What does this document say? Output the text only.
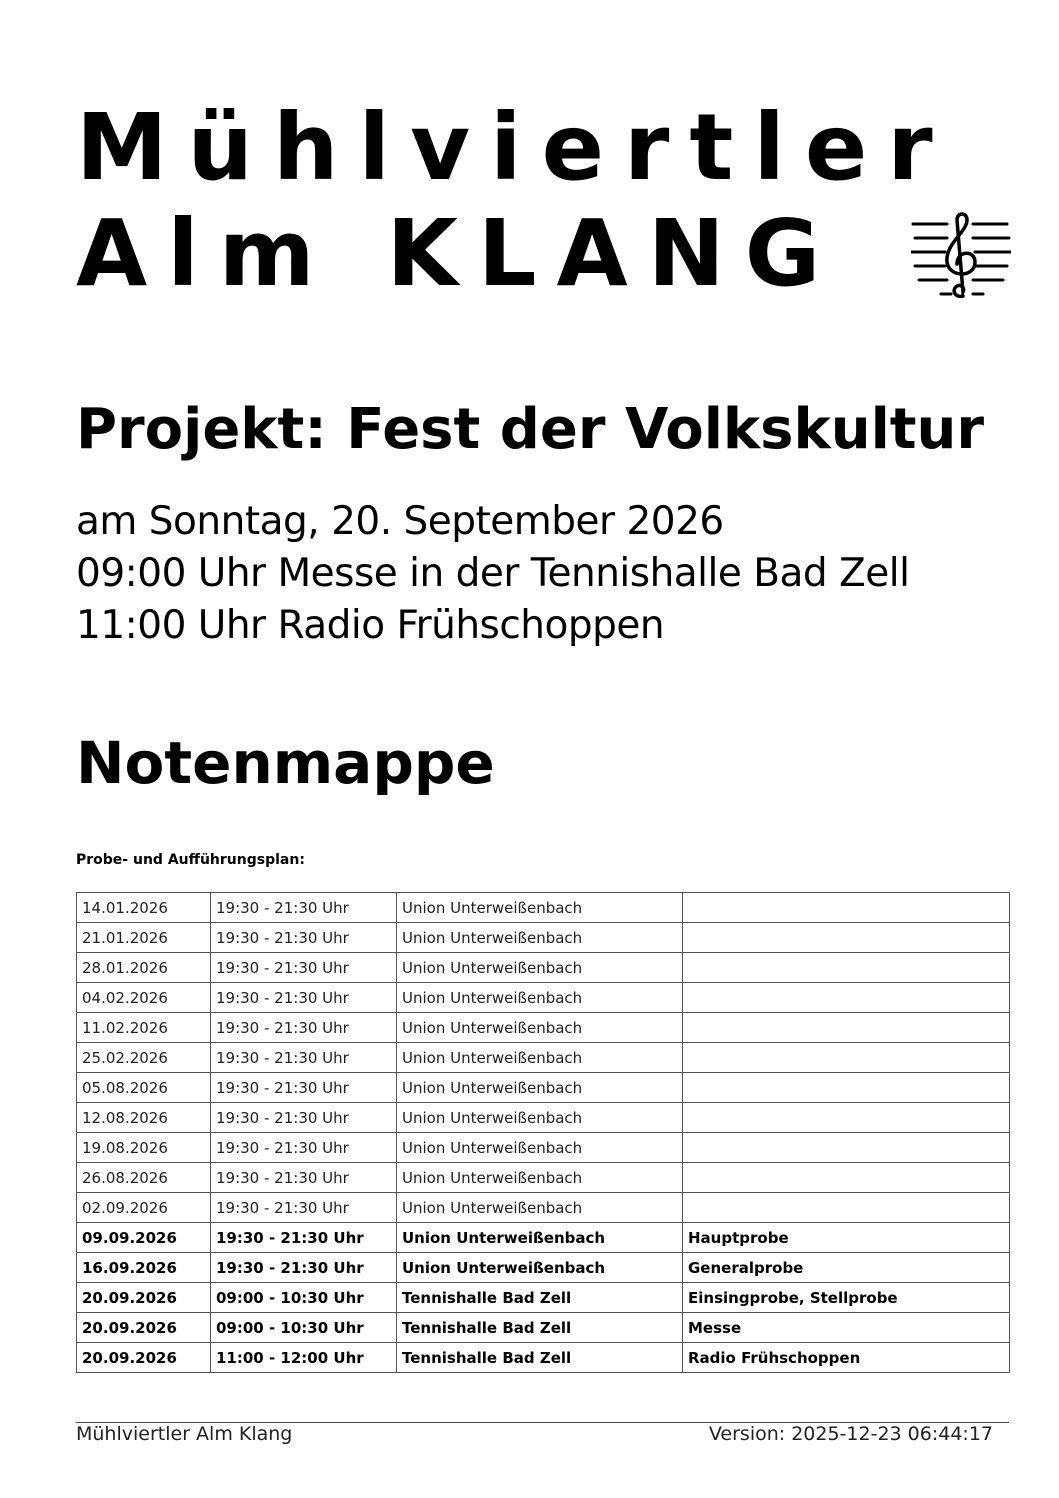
Mühlviertler
Alm KLANG
Projekt: Fest der Volkskultur
am Sonntag, 20. September 2026
09:00 Uhr Messe in der Tennishalle Bad Zell
11:00 Uhr Radio Frühschoppen
Notenmappe
Probe- und Aufführungsplan:
14.01.2026	19:30 - 21:30 Uhr	Union Unterweißenbach	
21.01.2026	19:30 - 21:30 Uhr	Union Unterweißenbach	
28.01.2026	19:30 - 21:30 Uhr	Union Unterweißenbach	
04.02.2026	19:30 - 21:30 Uhr	Union Unterweißenbach	
11.02.2026	19:30 - 21:30 Uhr	Union Unterweißenbach	
25.02.2026	19:30 - 21:30 Uhr	Union Unterweißenbach	
05.08.2026	19:30 - 21:30 Uhr	Union Unterweißenbach	
12.08.2026	19:30 - 21:30 Uhr	Union Unterweißenbach	
19.08.2026	19:30 - 21:30 Uhr	Union Unterweißenbach	
26.08.2026	19:30 - 21:30 Uhr	Union Unterweißenbach	
02.09.2026	19:30 - 21:30 Uhr	Union Unterweißenbach	
09.09.2026	19:30 - 21:30 Uhr	Union Unterweißenbach	Hauptprobe
16.09.2026	19:30 - 21:30 Uhr	Union Unterweißenbach	Generalprobe
20.09.2026	09:00 - 10:30 Uhr	Tennishalle Bad Zell	Einsingprobe, Stellprobe
20.09.2026	09:00 - 10:30 Uhr	Tennishalle Bad Zell	Messe
20.09.2026	11:00 - 12:00 Uhr	Tennishalle Bad Zell	Radio Frühschoppen
Mühlviertler Alm Klang	Version: 2025-12-23 06:44:17
